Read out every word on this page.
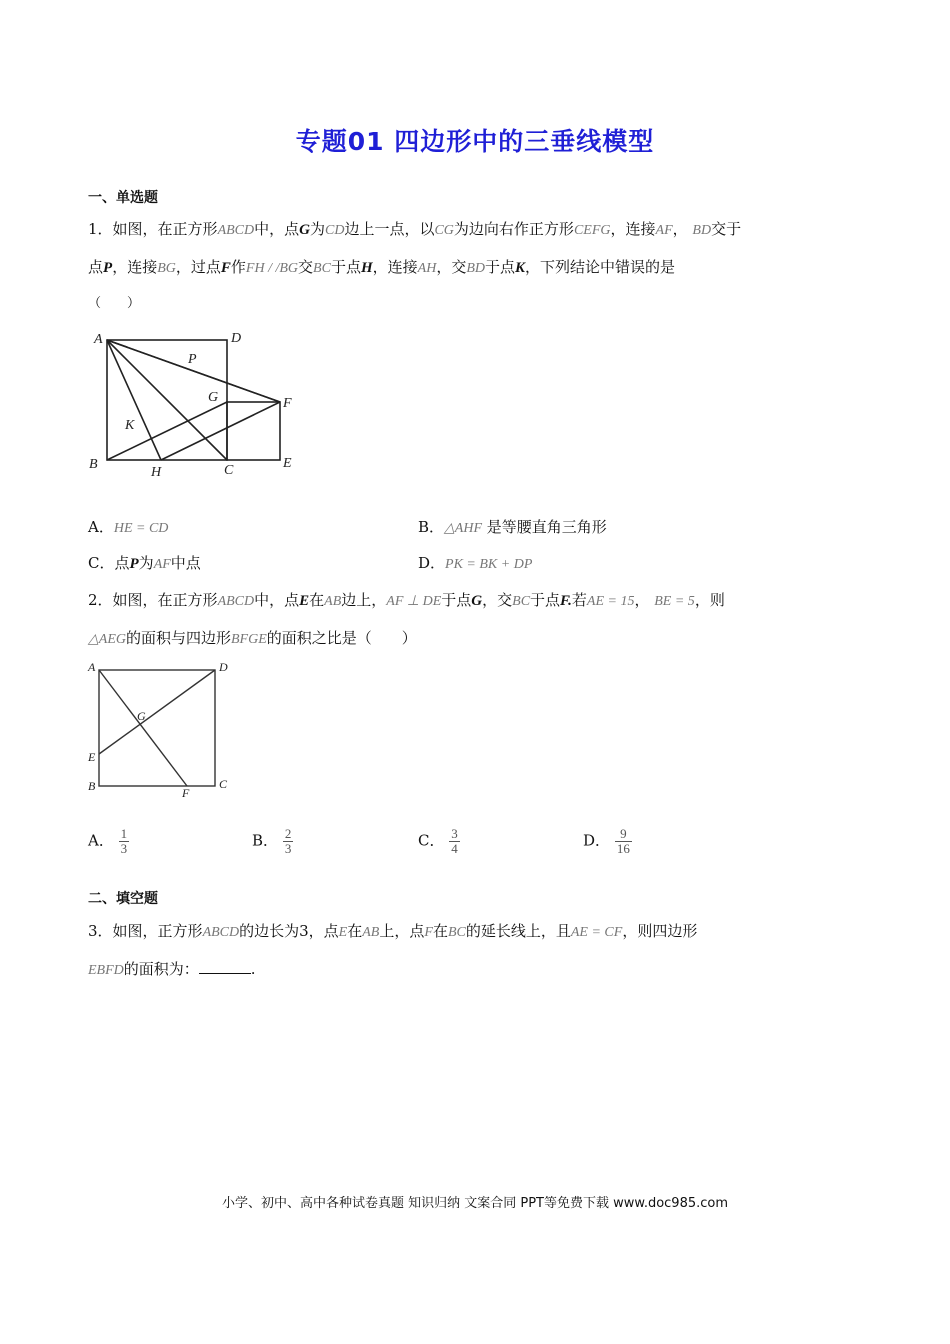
专题01 四边形中的三垂线模型
一、单选题
1．如图，在正方形ABCD中，点G为CD边上一点，以CG为边向右作正方形CEFG，连接AF， BD交于
点P，连接BG，过点F作FH / /BG交BC于点H，连接AH，交BD于点K，下列结论中错误的是
（　　）
A	D
P
G	F
K
B
H	C	E
A．HE = CD	B．△AHF 是等腰直角三角形
C．点P为AF中点	D．PK = BK + DP
2．如图，在正方形ABCD中，点E在AB边上，AF ⊥ DE于点G，交BC于点F.若AE = 15， BE = 5，则
△AEG的面积与四边形BFGE的面积之比是（　　）
A	D
G
E
B	F
C
A． $\frac{1}{3}$	B． $\frac{2}{3}$	C． $\frac{3}{4}$	D． $\frac{9}{16}$
二、填空题
3．如图，正方形ABCD的边长为3，点E在AB上，点F在BC的延长线上，且AE = CF，则四边形
EBFD的面积为：	.
小学、初中、高中各种试卷真题 知识归纳 文案合同 PPT等免费下载 www.doc985.com
